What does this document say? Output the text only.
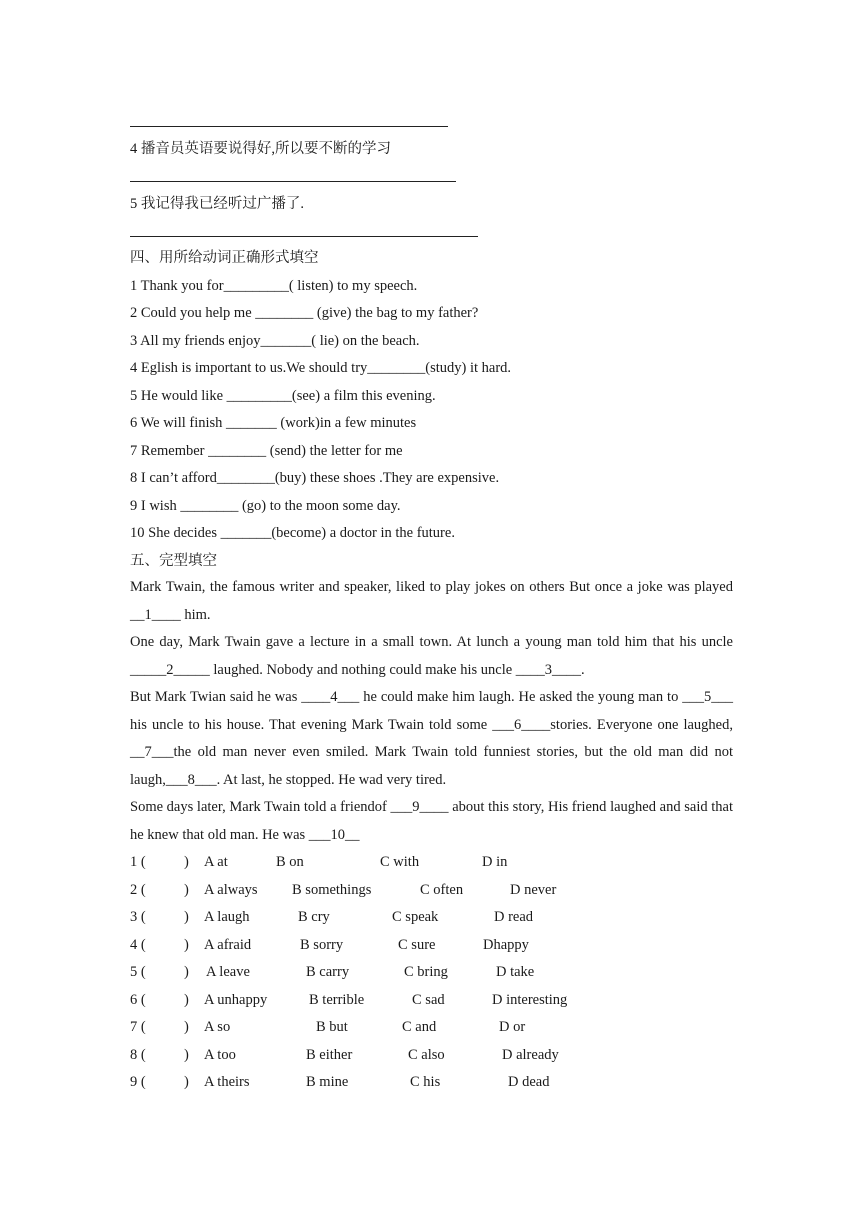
4 播音员英语要说得好,所以要不断的学习
5 我记得我已经听过广播了.
四、用所给动词正确形式填空
1 Thank you for_________( listen) to my speech.
2 Could you help me ________ (give) the bag to my father?
3 All my friends enjoy_______( lie) on the beach.
4 Eglish is important to us.We should try________(study) it hard.
5 He would like _________(see) a film this evening.
6 We will finish _______ (work)in a few minutes
7 Remember ________ (send) the letter for me
8 I can’t afford________(buy) these shoes .They are expensive.
9 I wish ________ (go) to the moon some day.
10 She decides _______(become) a doctor in the future.
五、完型填空
Mark Twain, the famous writer and speaker, liked to play jokes on others But once a joke was played __1____ him.
One day, Mark Twain gave a lecture in a small town. At lunch a young man told him that his uncle _____2_____ laughed. Nobody and nothing could make his uncle ____3____.
But Mark Twian said he was ____4___ he could make him laugh. He asked the young man to ___5___ his uncle to his house. That evening Mark Twain told some ___6____stories. Everyone one laughed, __7___the old man never even smiled. Mark Twain told funniest stories, but the old man did not laugh,___8___. At last, he stopped. He wad very tired.
Some days later, Mark Twain told a friendof ___9____ about this story, His friend laughed and said that he knew that old man. He was ___10__
1 (	) A at	B on	C with	D in
2 (	) A always B somethings	C often	D never
3 (	) A laugh	B cry	C speak	D read
4 (	) A afraid	B sorry	C sure	Dhappy
5 (	) A leave	B carry	C bring	D take
6 (	) A unhappy	B terrible	C sad	D interesting
7 (	) A so	B but	C and	D or
8 (	) A too	B either	C also	D already
9 (	) A theirs	B mine	C his	D dead
